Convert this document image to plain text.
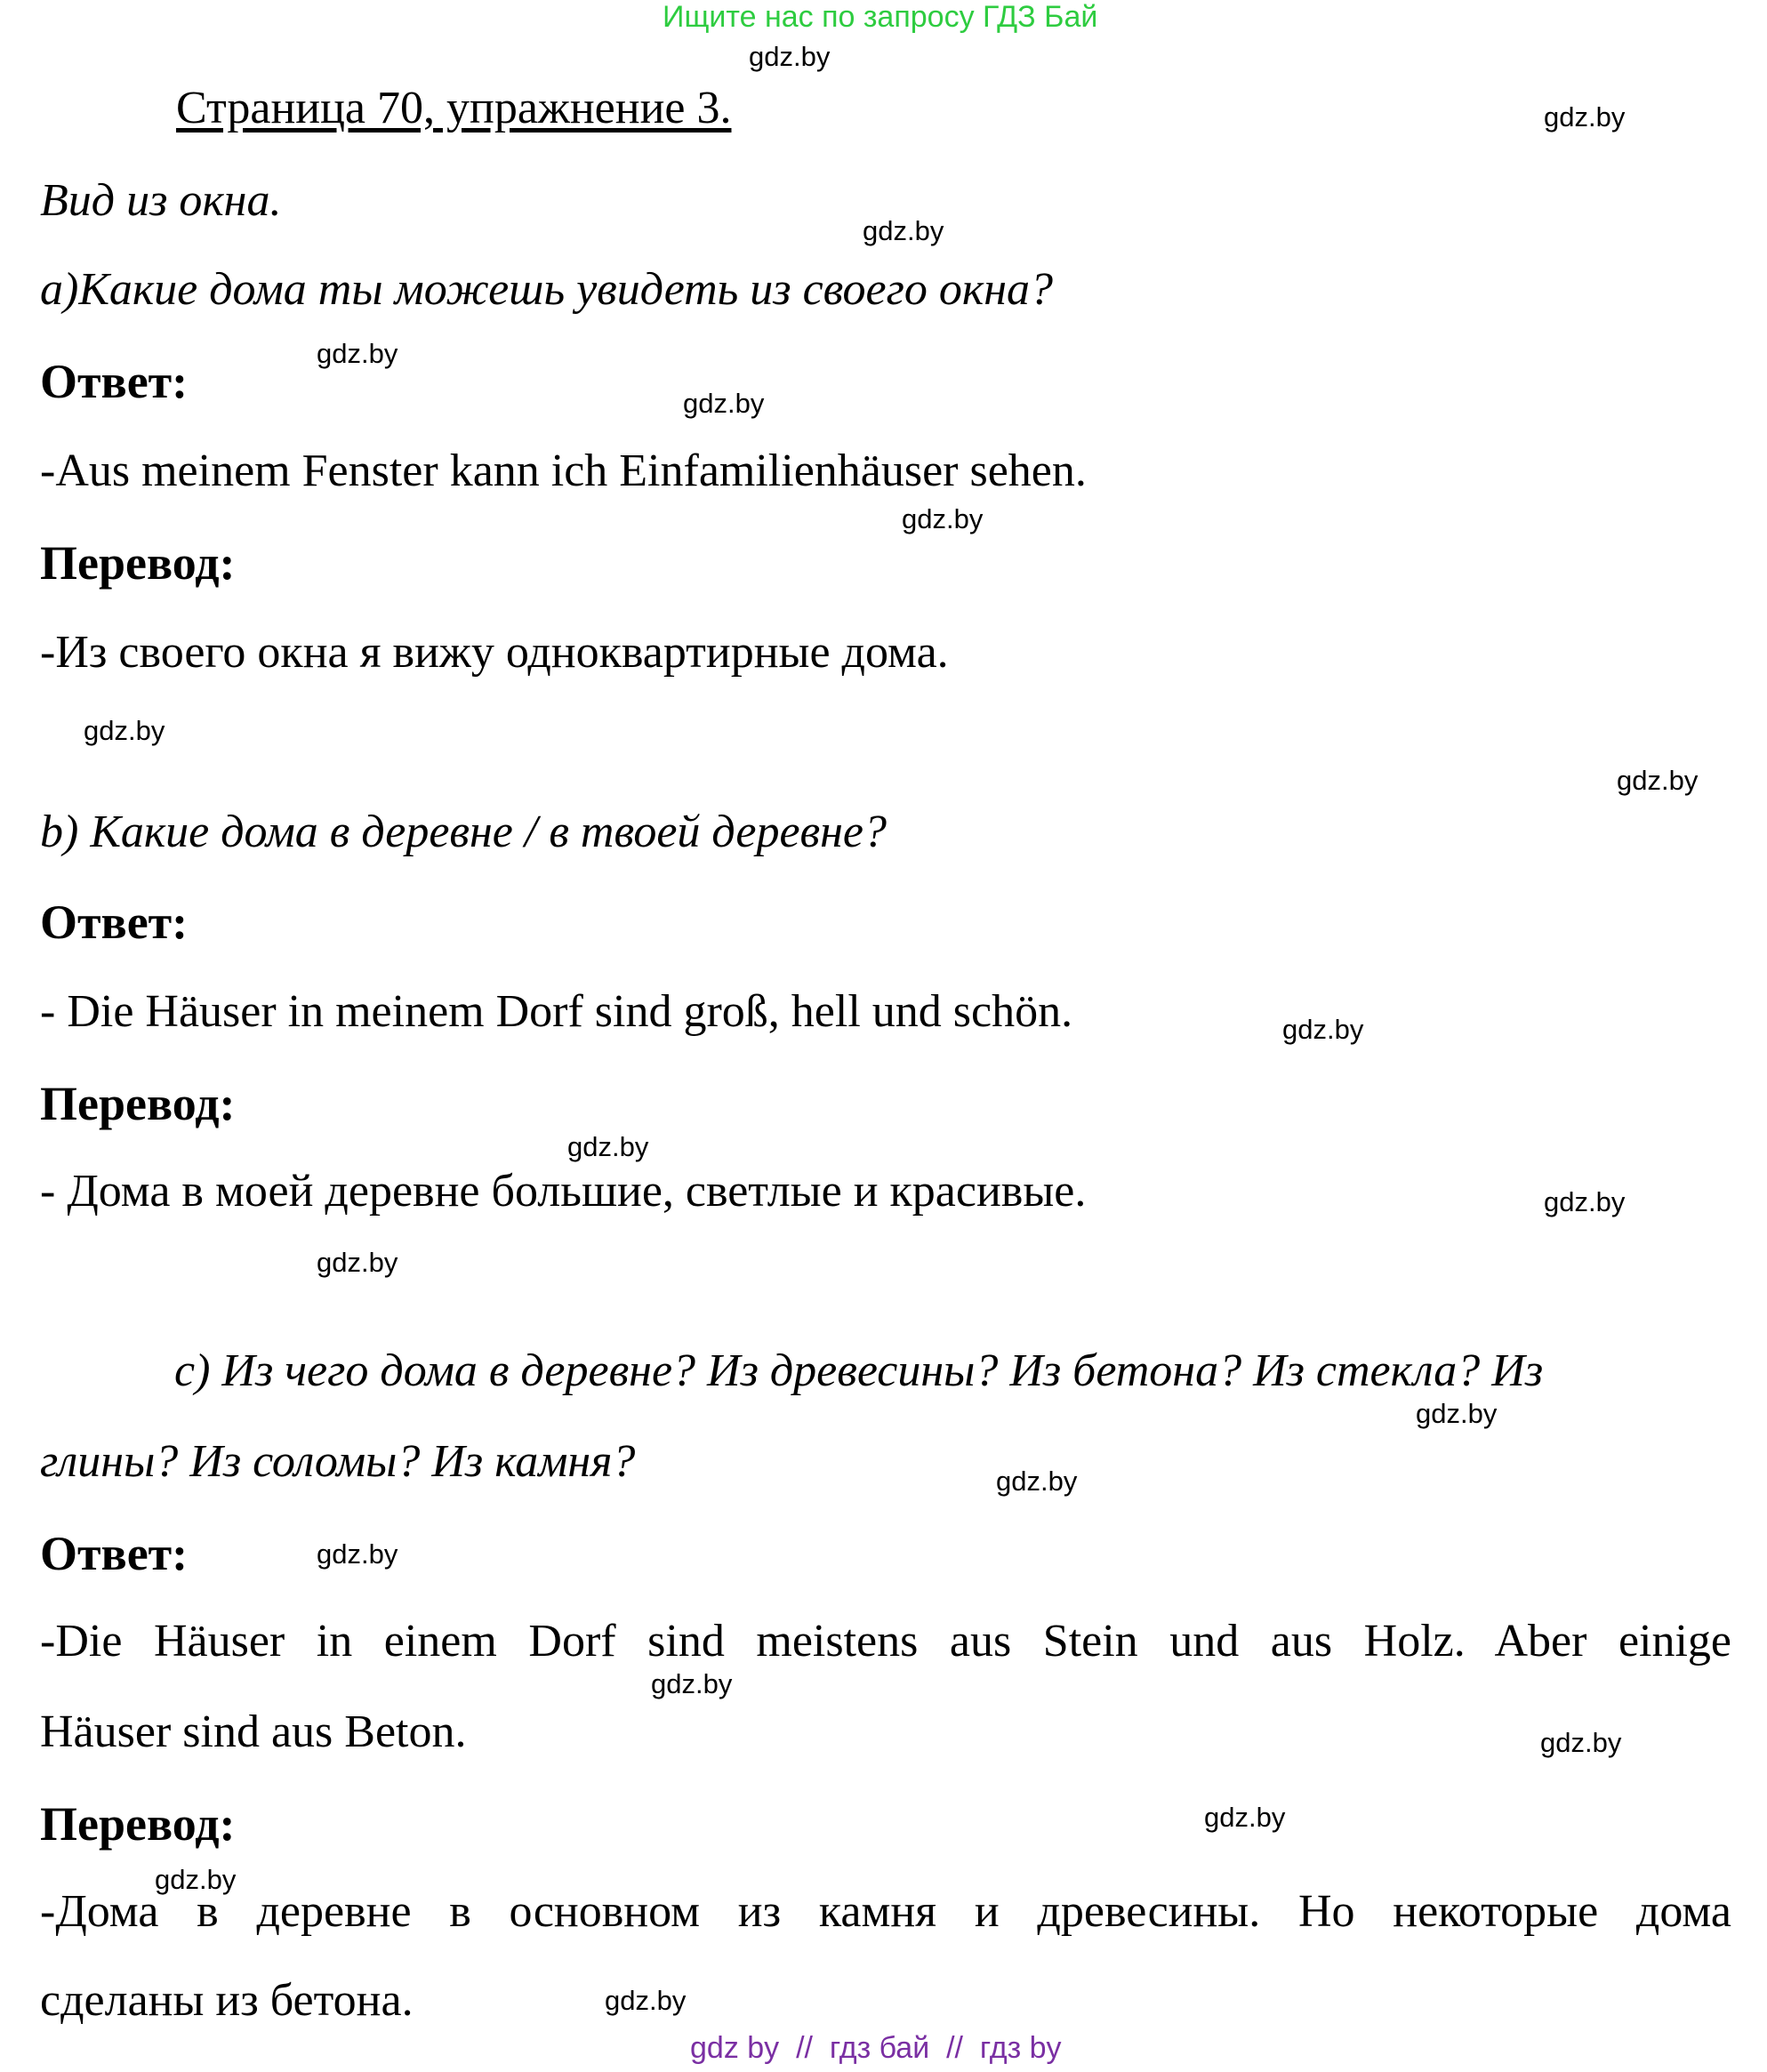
Ищите нас по запросу ГДЗ Бай
Страница 70, упражнение 3.
Вид из окна.
a)Какие дома ты можешь увидеть из своего окна?
Ответ:
-Aus meinem Fenster kann ich Einfamilienhäuser sehen.
Перевод:
-Из своего окна я вижу одноквартирные дома.
b) Какие дома в деревне / в твоей деревне?
Ответ:
- Die Häuser in meinem Dorf sind groß, hell und schön.
Перевод:
- Дома в моей деревне большие, светлые и красивые.
c) Из чего дома в деревне? Из древесины? Из бетона? Из стекла? Из
глины? Из соломы? Из камня?
Ответ:
-Die Häuser in einem Dorf sind meistens aus Stein und aus Holz. Aber einige
Häuser sind aus Beton.
Перевод:
-Дома в деревне в основном из камня и древесины. Но некоторые дома
сделаны из бетона.
gdz.by
gdz.by
gdz.by
gdz.by
gdz.by
gdz.by
gdz.by
gdz.by
gdz.by
gdz.by
gdz.by
gdz.by
gdz.by
gdz.by
gdz.by
gdz.by
gdz.by
gdz.by
gdz.by
gdz.by
gdz by  //  гдз бай  //  гдз by
